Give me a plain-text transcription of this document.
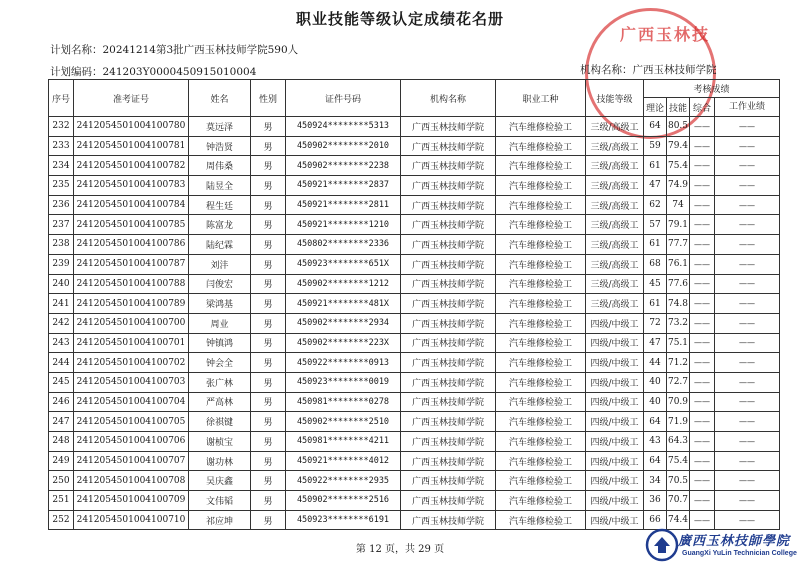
广西玉林技
职业技能等级认定成绩花名册
计划名称：20241214第3批广西玉林技师学院590人
计划编码：241203Y0000450915010004	机构名称：广西玉林技师学院
序号	准考证号	姓名	性别	证件号码	机构名称	职业工种	技能等级	考核成绩			
								理论	技能	综合	工作业绩
232	2412054501004100780	莫远泽	男	450924********5313	广西玉林技师学院	汽车维修检验工	三级/高级工	64	80.5	——	——
233	2412054501004100781	钟浩贤	男	450902********2010	广西玉林技师学院	汽车维修检验工	三级/高级工	59	79.4	——	——
234	2412054501004100782	周伟桑	男	450902********2238	广西玉林技师学院	汽车维修检验工	三级/高级工	61	75.4	——	——
235	2412054501004100783	陆昱全	男	450921********2837	广西玉林技师学院	汽车维修检验工	三级/高级工	47	74.9	——	——
236	2412054501004100784	程生廷	男	450921********2811	广西玉林技师学院	汽车维修检验工	三级/高级工	62	74	——	——
237	2412054501004100785	陈富龙	男	450921********1210	广西玉林技师学院	汽车维修检验工	三级/高级工	57	79.1	——	——
238	2412054501004100786	陆纪霖	男	450802********2336	广西玉林技师学院	汽车维修检验工	三级/高级工	61	77.7	——	——
239	2412054501004100787	刘沣	男	450923********651X	广西玉林技师学院	汽车维修检验工	三级/高级工	68	76.1	——	——
240	2412054501004100788	闫俊宏	男	450902********1212	广西玉林技师学院	汽车维修检验工	三级/高级工	45	77.6	——	——
241	2412054501004100789	梁鸿基	男	450921********481X	广西玉林技师学院	汽车维修检验工	三级/高级工	61	74.8	——	——
242	2412054501004100700	周业	男	450902********2934	广西玉林技师学院	汽车维修检验工	四级/中级工	72	73.2	——	——
243	2412054501004100701	钟镇鸿	男	450902********223X	广西玉林技师学院	汽车维修检验工	四级/中级工	47	75.1	——	——
244	2412054501004100702	钟会全	男	450922********0913	广西玉林技师学院	汽车维修检验工	四级/中级工	44	71.2	——	——
245	2412054501004100703	张广林	男	450923********0019	广西玉林技师学院	汽车维修检验工	四级/中级工	40	72.7	——	——
246	2412054501004100704	严高林	男	450981********0278	广西玉林技师学院	汽车维修检验工	四级/中级工	40	70.9	——	——
247	2412054501004100705	徐祺键	男	450902********2510	广西玉林技师学院	汽车维修检验工	四级/中级工	64	71.9	——	——
248	2412054501004100706	谢桢宝	男	450981********4211	广西玉林技师学院	汽车维修检验工	四级/中级工	43	64.3	——	——
249	2412054501004100707	谢功林	男	450921********4012	广西玉林技师学院	汽车维修检验工	四级/中级工	64	75.4	——	——
250	2412054501004100708	吴庆鑫	男	450922********2935	广西玉林技师学院	汽车维修检验工	四级/中级工	34	70.5	——	——
251	2412054501004100709	文伟韬	男	450902********2516	广西玉林技师学院	汽车维修检验工	四级/中级工	36	70.7	——	——
252	2412054501004100710	祁应坤	男	450923********6191	广西玉林技师学院	汽车维修检验工	四级/中级工	66	74.4	——	——
第 12 页，共 29 页
廣西玉林技師學院
GuangXi YuLin Technician College
